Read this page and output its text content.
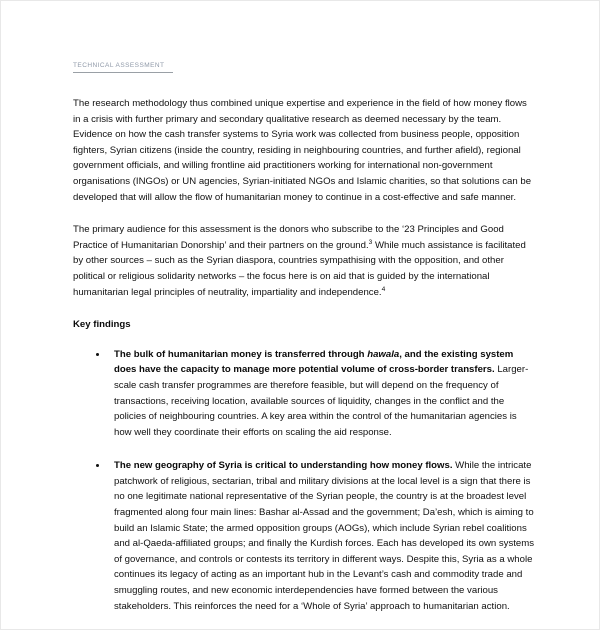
TECHNICAL ASSESSMENT

The research methodology thus combined unique expertise and experience in the field of how money flows in a crisis with further primary and secondary qualitative research as deemed necessary by the team. Evidence on how the cash transfer systems to Syria work was collected from business people, opposition fighters, Syrian citizens (inside the country, residing in neighbouring countries, and further afield), regional government officials, and willing frontline aid practitioners working for international non-government organisations (INGOs) or UN agencies, Syrian-initiated NGOs and Islamic charities, so that solutions can be developed that will allow the flow of humanitarian money to continue in a cost-effective and safe manner.

The primary audience for this assessment is the donors who subscribe to the ‘23 Principles and Good Practice of Humanitarian Donorship’ and their partners on the ground.$^3$ While much assistance is facilitated by other sources – such as the Syrian diaspora, countries sympathising with the opposition, and other political or religious solidarity networks – the focus here is on aid that is guided by the international humanitarian legal principles of neutrality, impartiality and independence.$^4$

Key findings
The bulk of humanitarian money is transferred through hawala, and the existing system does have the capacity to manage more potential volume of cross-border transfers. Larger-scale cash transfer programmes are therefore feasible, but will depend on the frequency of transactions, receiving location, available sources of liquidity, changes in the conflict and the policies of neighbouring countries. A key area within the control of the humanitarian agencies is how well they coordinate their efforts on scaling the aid response.
The new geography of Syria is critical to understanding how money flows. While the intricate patchwork of religious, sectarian, tribal and military divisions at the local level is a sign that there is no one legitimate national representative of the Syrian people, the country is at the broadest level fragmented along four main lines: Bashar al-Assad and the government; Da’esh, which is aiming to build an Islamic State; the armed opposition groups (AOGs), which include Syrian rebel coalitions and al-Qaeda-affiliated groups; and finally the Kurdish forces. Each has developed its own systems of governance, and controls or contests its territory in different ways. Despite this, Syria as a whole continues its legacy of acting as an important hub in the Levant’s cash and commodity trade and smuggling routes, and new economic interdependencies have formed between the various stakeholders. This reinforces the need for a ‘Whole of Syria’ approach to humanitarian action.
